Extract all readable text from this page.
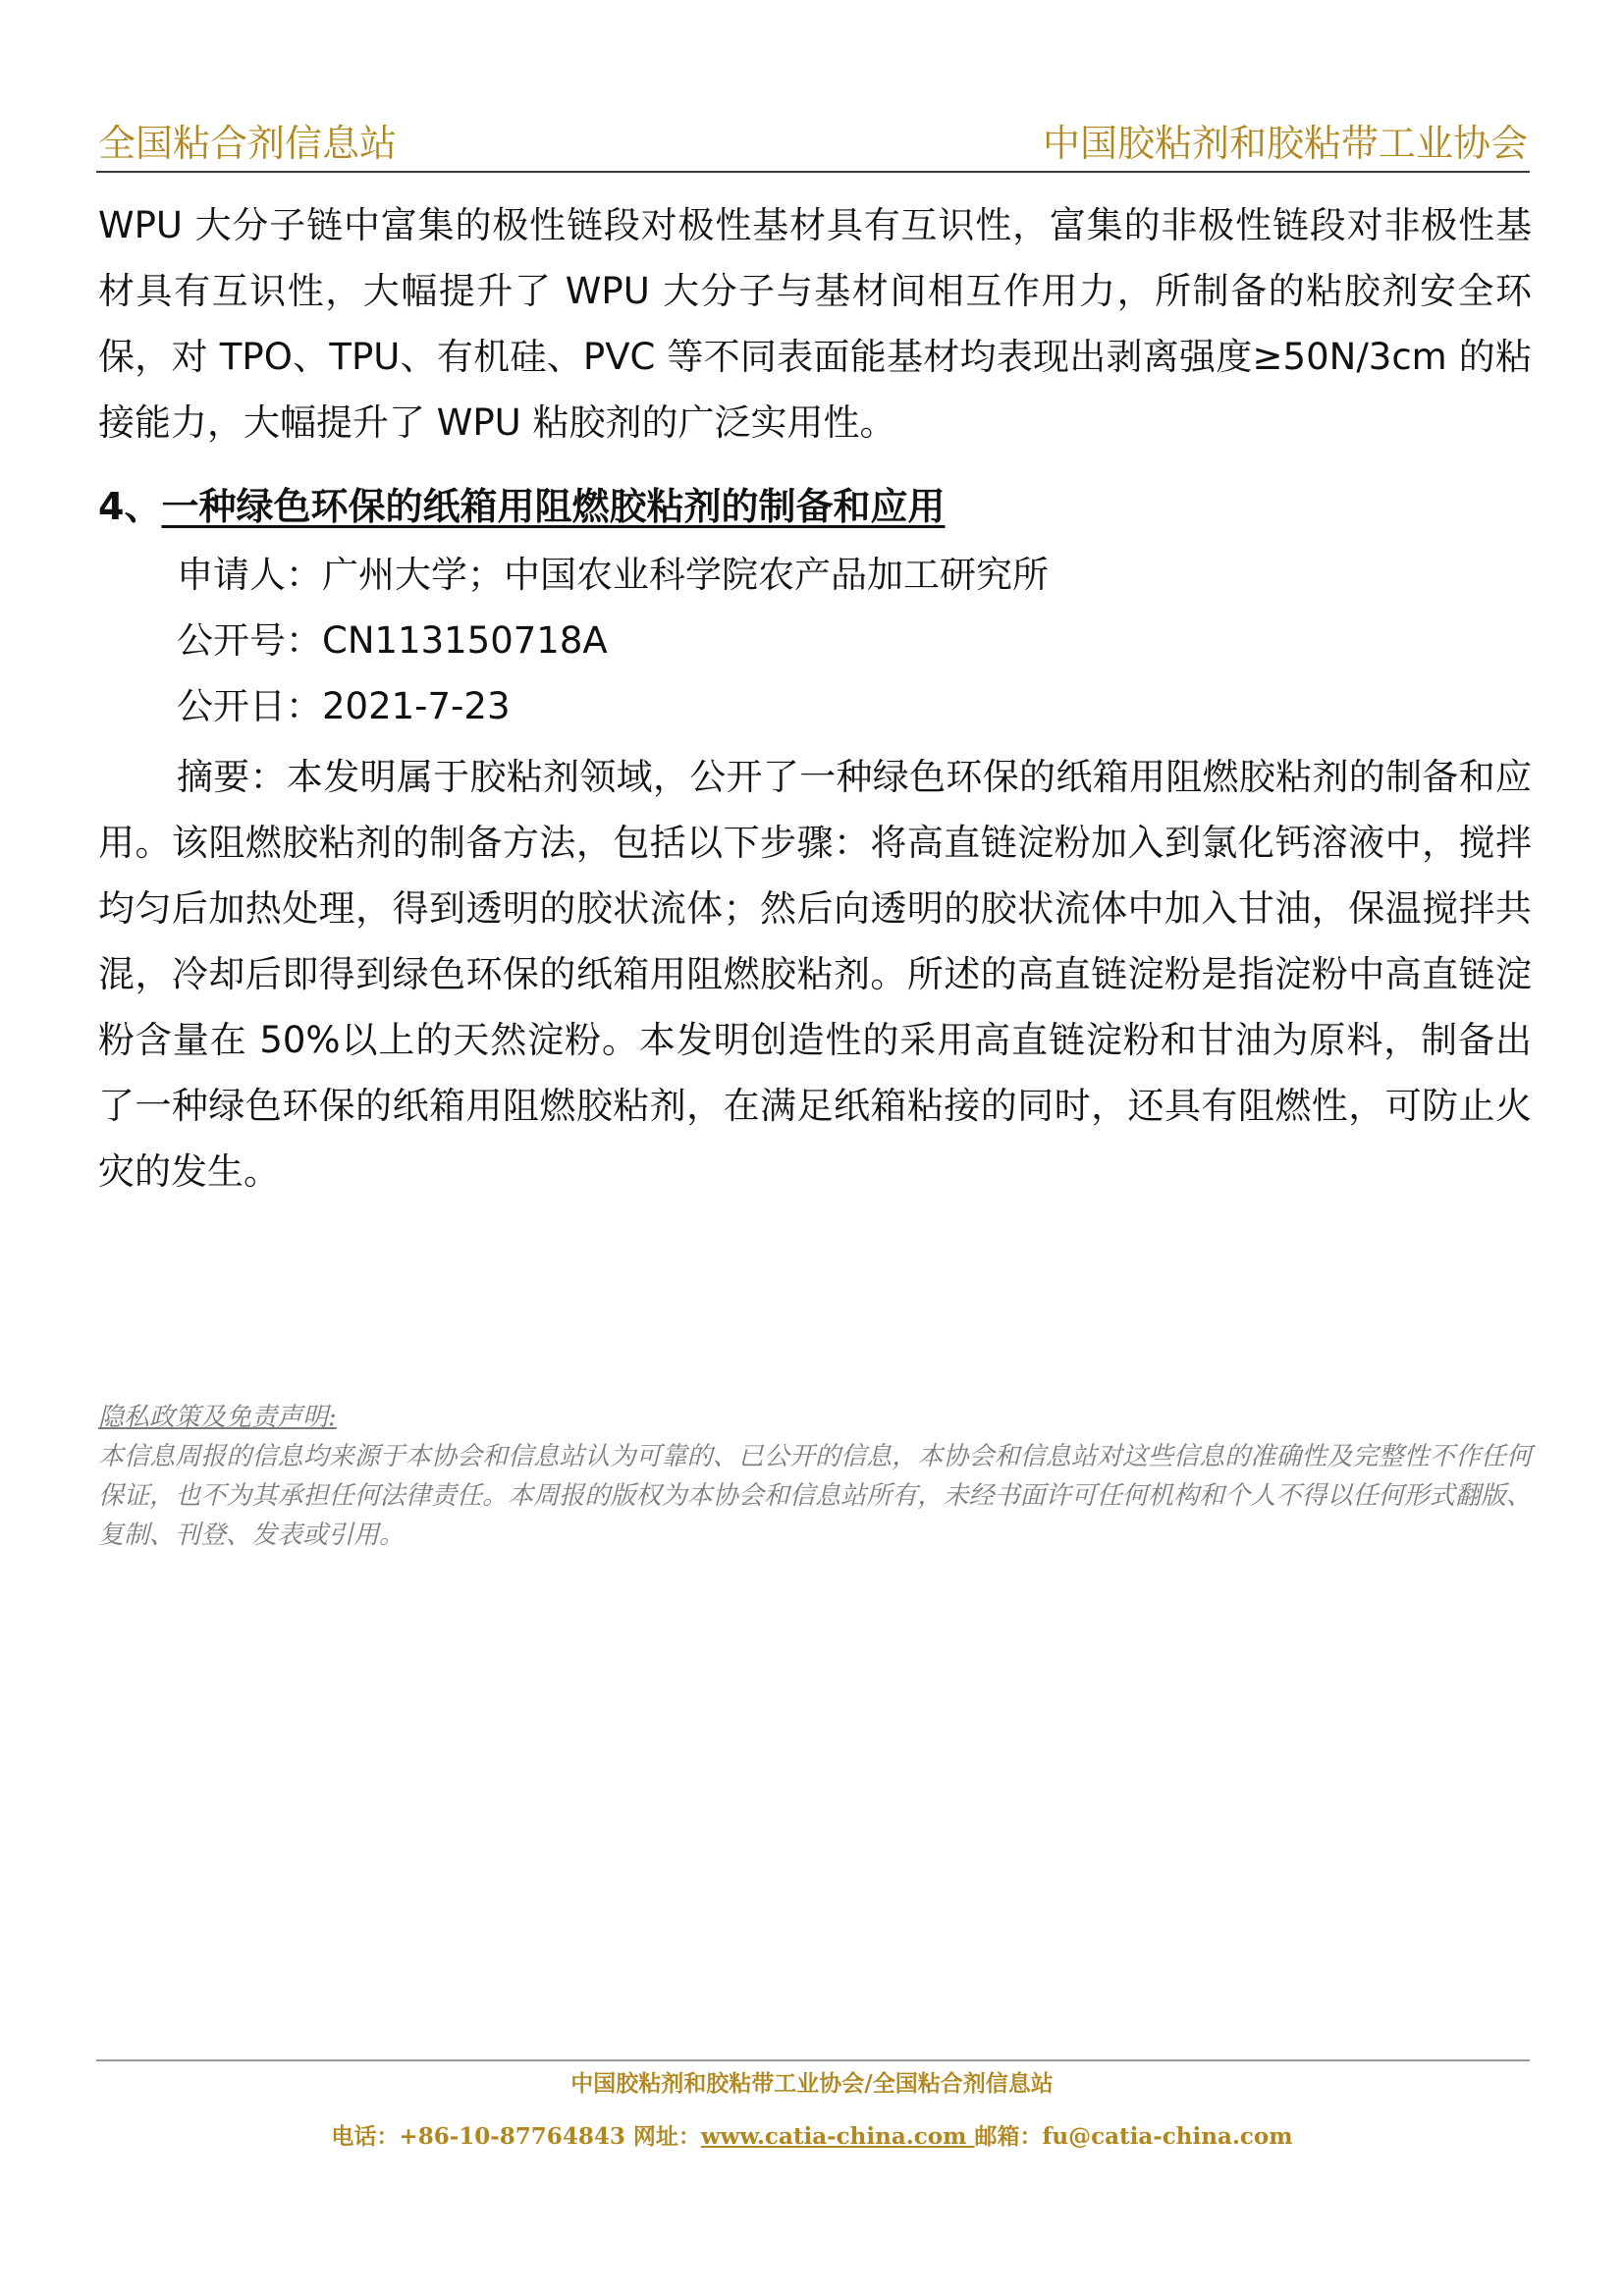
全国粘合剂信息站	中国胶粘剂和胶粘带工业协会
WPU 大分子链中富集的极性链段对极性基材具有互识性，富集的非极性链段对非极性基材具有互识性，大幅提升了 WPU 大分子与基材间相互作用力，所制备的粘胶剂安全环保，对 TPO、TPU、有机硅、PVC 等不同表面能基材均表现出剥离强度≥50N/3cm 的粘接能力，大幅提升了 WPU 粘胶剂的广泛实用性。
4、一种绿色环保的纸箱用阻燃胶粘剂的制备和应用
申请人：广州大学；中国农业科学院农产品加工研究所
公开号：CN113150718A
公开日：2021-7-23
摘要：本发明属于胶粘剂领域，公开了一种绿色环保的纸箱用阻燃胶粘剂的制备和应用。该阻燃胶粘剂的制备方法，包括以下步骤：将高直链淀粉加入到氯化钙溶液中，搅拌均匀后加热处理，得到透明的胶状流体；然后向透明的胶状流体中加入甘油，保温搅拌共混，冷却后即得到绿色环保的纸箱用阻燃胶粘剂。所述的高直链淀粉是指淀粉中高直链淀粉含量在 50%以上的天然淀粉。本发明创造性的采用高直链淀粉和甘油为原料，制备出了一种绿色环保的纸箱用阻燃胶粘剂，在满足纸箱粘接的同时，还具有阻燃性，可防止火灾的发生。
隐私政策及免责声明:
本信息周报的信息均来源于本协会和信息站认为可靠的、已公开的信息，本协会和信息站对这些信息的准确性及完整性不作任何保证，也不为其承担任何法律责任。本周报的版权为本协会和信息站所有，未经书面许可任何机构和个人不得以任何形式翻版、复制、刊登、发表或引用。
中国胶粘剂和胶粘带工业协会/全国粘合剂信息站
电话：+86-10-87764843 网址：www.catia-china.com 邮箱：fu@catia-china.com
